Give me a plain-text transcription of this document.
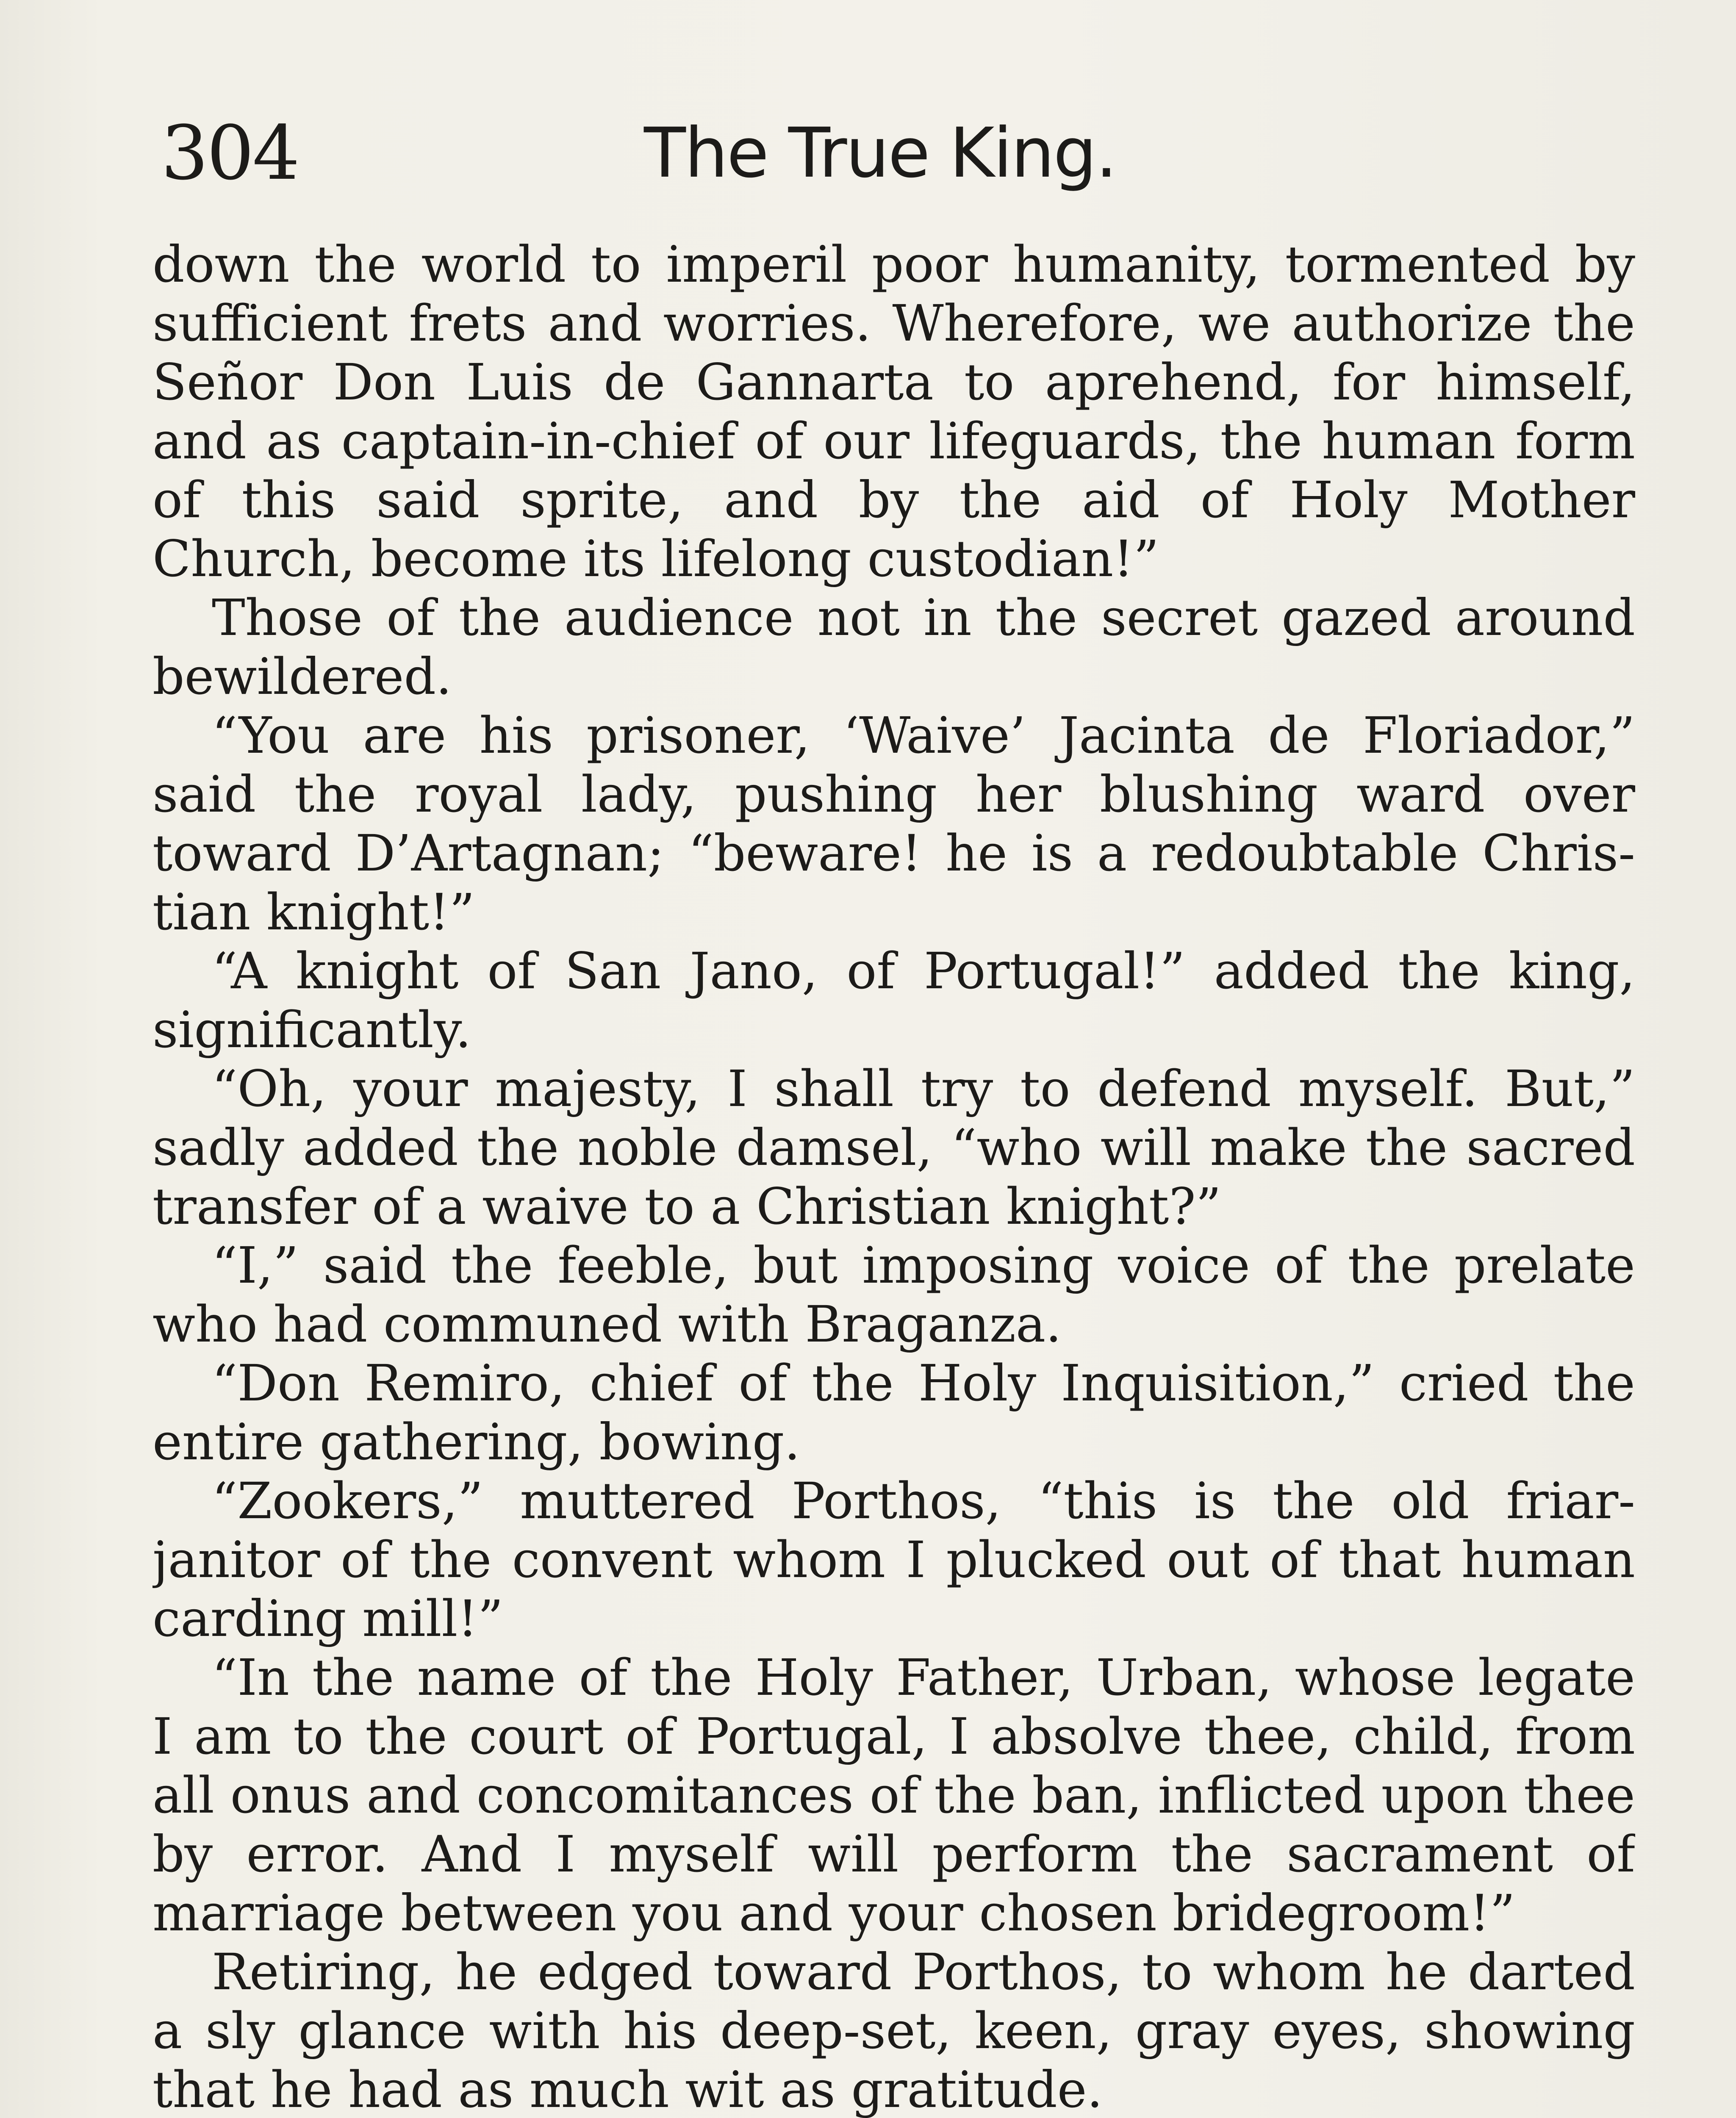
304	The True King.
down the world to imperil poor humanity, tormented by
sufficient frets and worries. Wherefore, we authorize the
Señor Don Luis de Gannarta to aprehend, for himself,
and as captain-in-chief of our lifeguards, the human form
of this said sprite, and by the aid of Holy Mother
Church, become its lifelong custodian!”
Those of the audience not in the secret gazed around
bewildered.
“You are his prisoner, ‘Waive’ Jacinta de Floriador,”
said the royal lady, pushing her blushing ward over
toward D’Artagnan; “beware! he is a redoubtable Chris-
tian knight!”
“A knight of San Jano, of Portugal!” added the king,
significantly.
“Oh, your majesty, I shall try to defend myself. But,”
sadly added the noble damsel, “who will make the sacred
transfer of a waive to a Christian knight?”
“I,” said the feeble, but imposing voice of the prelate
who had communed with Braganza.
“Don Remiro, chief of the Holy Inquisition,” cried the
entire gathering, bowing.
“Zookers,” muttered Porthos, “this is the old friar-
janitor of the convent whom I plucked out of that human
carding mill!”
“In the name of the Holy Father, Urban, whose legate
I am to the court of Portugal, I absolve thee, child, from
all onus and concomitances of the ban, inflicted upon thee
by error. And I myself will perform the sacrament of
marriage between you and your chosen bridegroom!”
Retiring, he edged toward Porthos, to whom he darted
a sly glance with his deep-set, keen, gray eyes, showing
that he had as much wit as gratitude.
